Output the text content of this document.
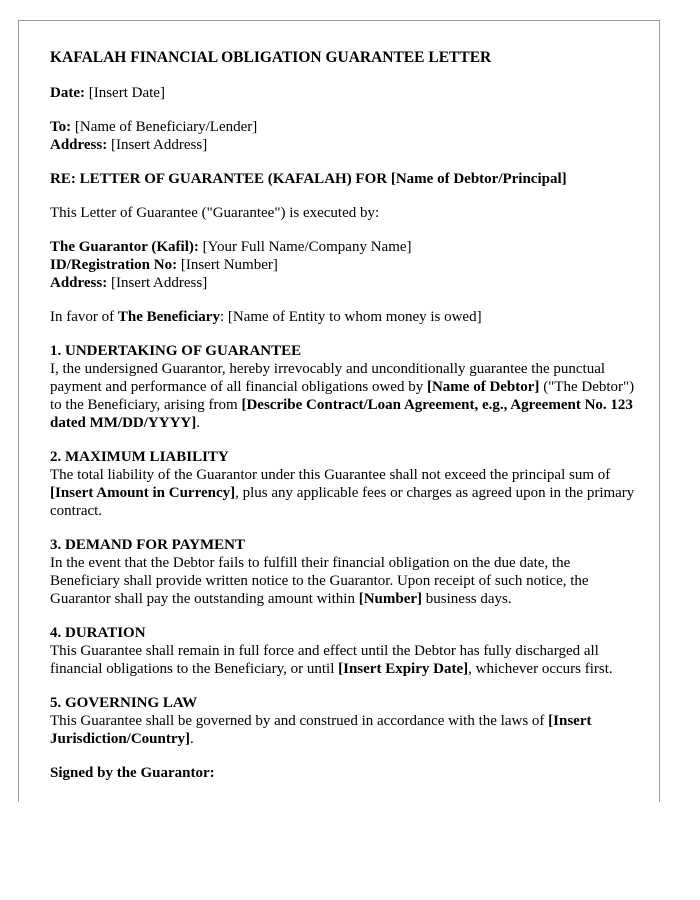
KAFALAH FINANCIAL OBLIGATION GUARANTEE LETTER

Date: [Insert Date]

To: [Name of Beneficiary/Lender]
Address: [Insert Address]

RE: LETTER OF GUARANTEE (KAFALAH) FOR [Name of Debtor/Principal]

This Letter of Guarantee ("Guarantee") is executed by:

The Guarantor (Kafil): [Your Full Name/Company Name]
ID/Registration No: [Insert Number]
Address: [Insert Address]

In favor of The Beneficiary: [Name of Entity to whom money is owed]

1. UNDERTAKING OF GUARANTEE
I, the undersigned Guarantor, hereby irrevocably and unconditionally guarantee the punctual payment and performance of all financial obligations owed by [Name of Debtor] ("The Debtor") to the Beneficiary, arising from [Describe Contract/Loan Agreement, e.g., Agreement No. 123 dated MM/DD/YYYY].

2. MAXIMUM LIABILITY
The total liability of the Guarantor under this Guarantee shall not exceed the principal sum of [Insert Amount in Currency], plus any applicable fees or charges as agreed upon in the primary contract.

3. DEMAND FOR PAYMENT
In the event that the Debtor fails to fulfill their financial obligation on the due date, the Beneficiary shall provide written notice to the Guarantor. Upon receipt of such notice, the Guarantor shall pay the outstanding amount within [Number] business days.

4. DURATION
This Guarantee shall remain in full force and effect until the Debtor has fully discharged all financial obligations to the Beneficiary, or until [Insert Expiry Date], whichever occurs first.

5. GOVERNING LAW
This Guarantee shall be governed by and construed in accordance with the laws of [Insert Jurisdiction/Country].

Signed by the Guarantor:
